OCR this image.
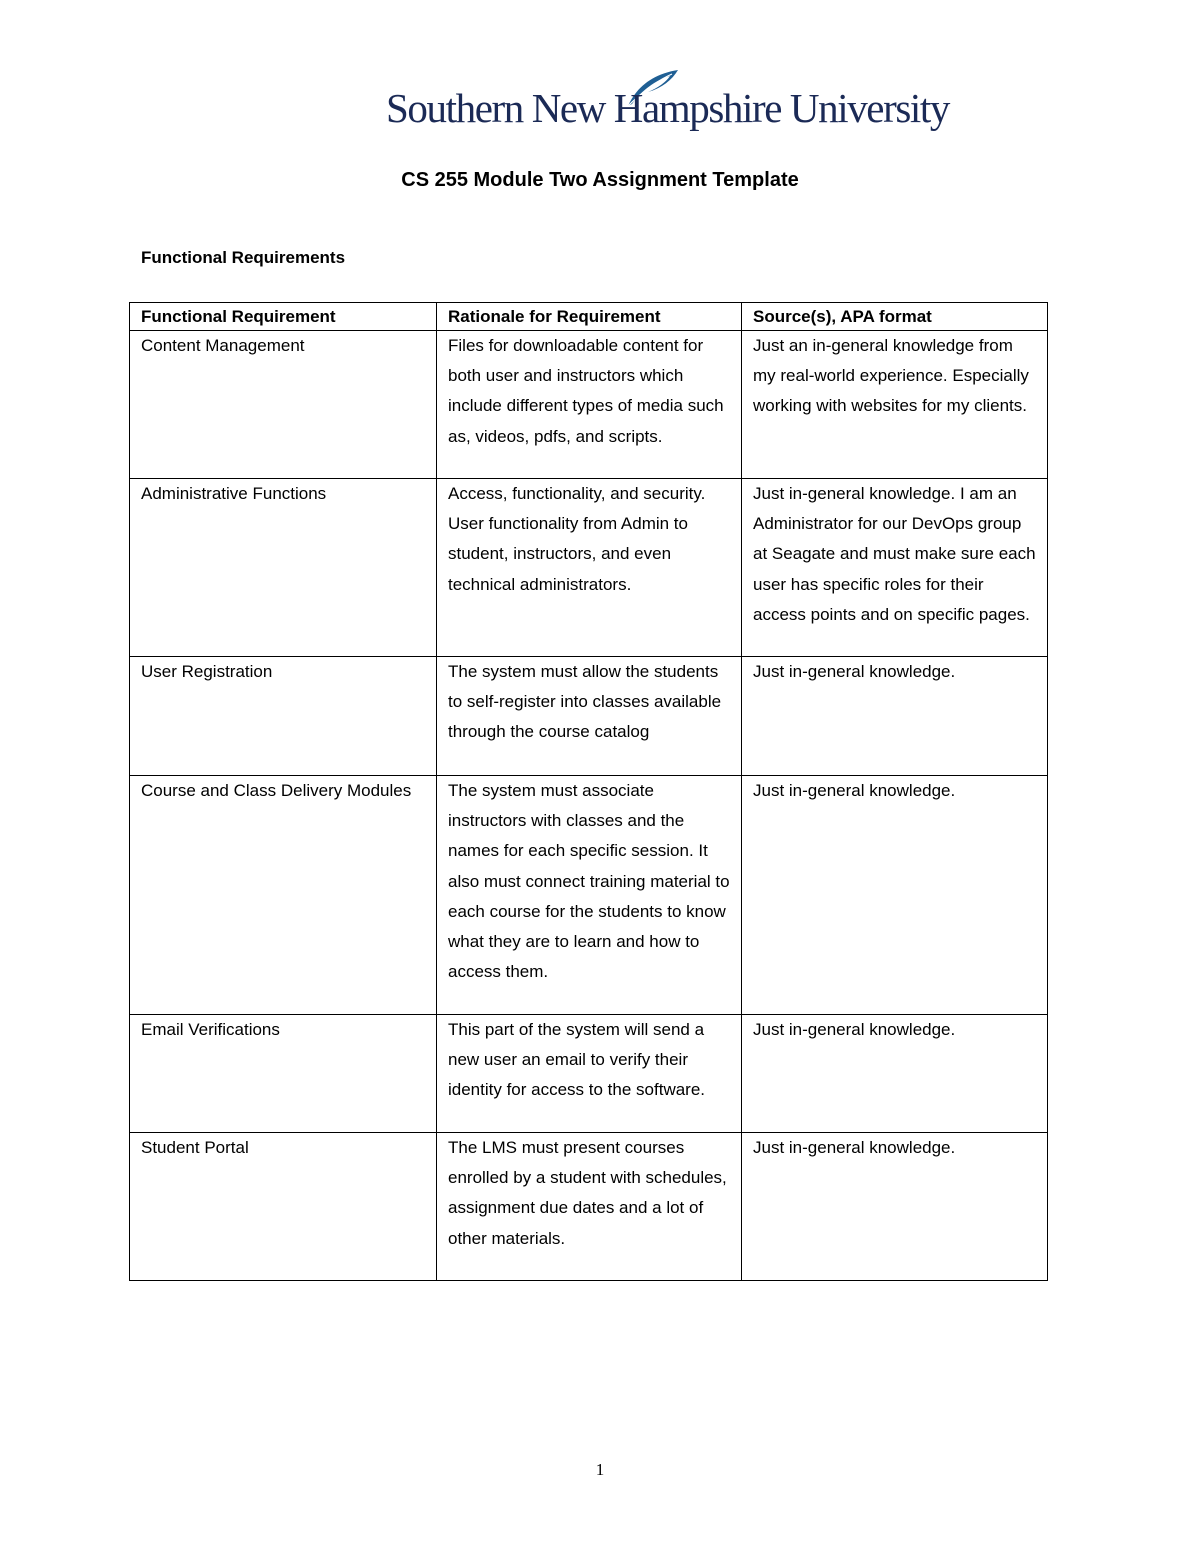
Southern New Hampshire University
CS 255 Module Two Assignment Template
Functional Requirements
Functional Requirement	Rationale for Requirement	Source(s), APA format
Content Management	Files for downloadable content for both user and instructors which include different types of media such as, videos, pdfs, and scripts.	Just an in-general knowledge from my real-world experience. Especially working with websites for my clients.
Administrative Functions	Access, functionality, and security. User functionality from Admin to student, instructors, and even technical administrators.	Just in-general knowledge. I am an Administrator for our DevOps group at Seagate and must make sure each user has specific roles for their access points and on specific pages.
User Registration	The system must allow the students to self-register into classes available through the course catalog	Just in-general knowledge.
Course and Class Delivery Modules	The system must associate instructors with classes and the names for each specific session. It also must connect training material to each course for the students to know what they are to learn and how to access them.	Just in-general knowledge.
Email Verifications	This part of the system will send a new user an email to verify their identity for access to the software.	Just in-general knowledge.
Student Portal	The LMS must present courses enrolled by a student with schedules, assignment due dates and a lot of other materials.	Just in-general knowledge.
1
